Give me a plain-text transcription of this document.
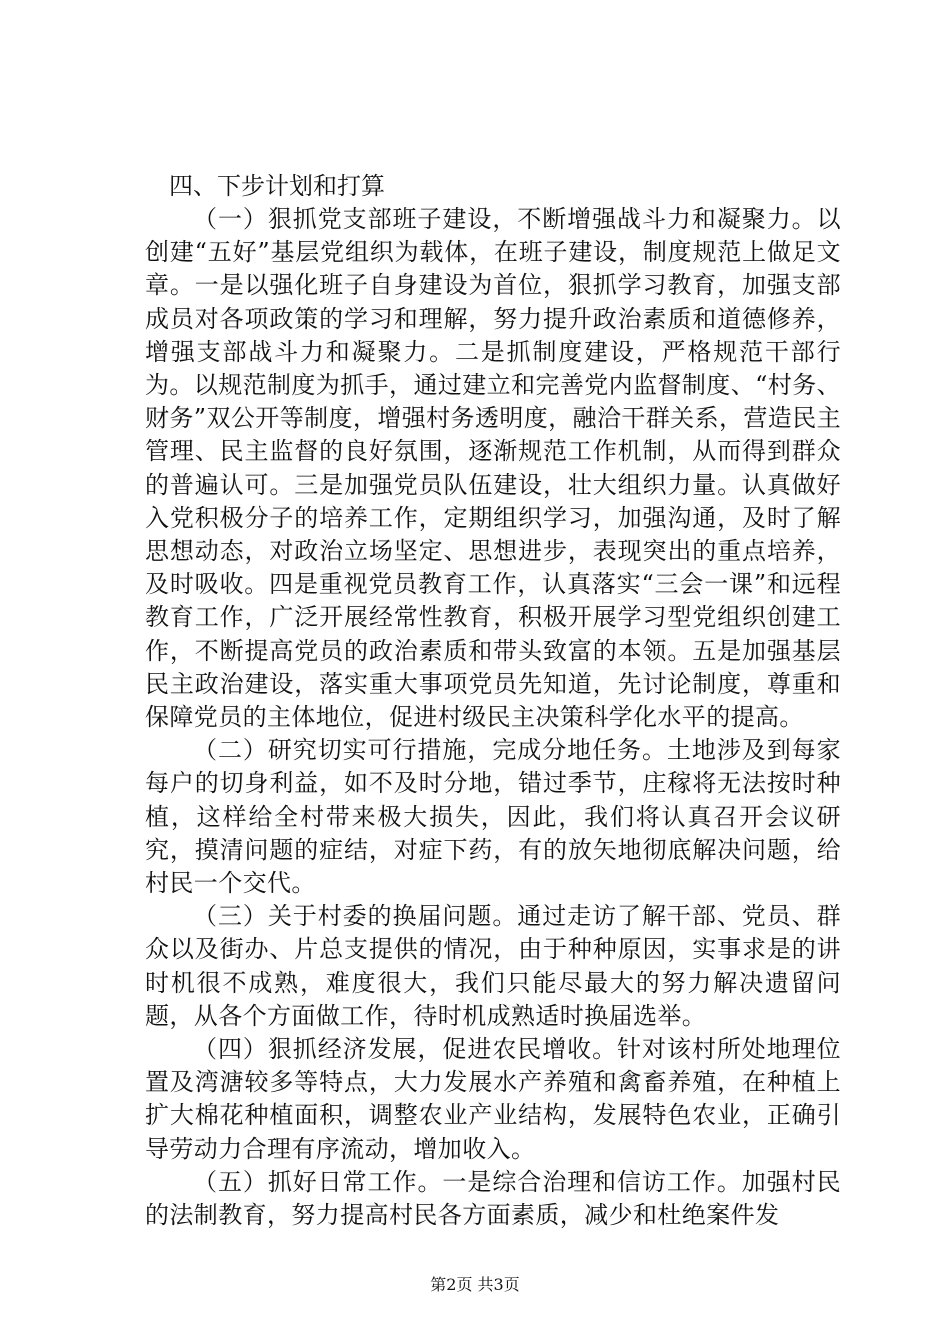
四、下步计划和打算

（一）狠抓党支部班子建设，不断增强战斗力和凝聚力。以创建“五好”基层党组织为载体，在班子建设，制度规范上做足文章。一是以强化班子自身建设为首位，狠抓学习教育，加强支部成员对各项政策的学习和理解，努力提升政治素质和道德修养，增强支部战斗力和凝聚力。二是抓制度建设，严格规范干部行为。以规范制度为抓手，通过建立和完善党内监督制度、“村务、财务”双公开等制度，增强村务透明度，融洽干群关系，营造民主管理、民主监督的良好氛围，逐渐规范工作机制，从而得到群众的普遍认可。三是加强党员队伍建设，壮大组织力量。认真做好入党积极分子的培养工作，定期组织学习，加强沟通，及时了解思想动态，对政治立场坚定、思想进步，表现突出的重点培养，及时吸收。四是重视党员教育工作，认真落实“三会一课”和远程教育工作，广泛开展经常性教育，积极开展学习型党组织创建工作，不断提高党员的政治素质和带头致富的本领。五是加强基层民主政治建设，落实重大事项党员先知道，先讨论制度，尊重和保障党员的主体地位，促进村级民主决策科学化水平的提高。

（二）研究切实可行措施，完成分地任务。土地涉及到每家每户的切身利益，如不及时分地，错过季节，庄稼将无法按时种植，这样给全村带来极大损失，因此，我们将认真召开会议研究，摸清问题的症结，对症下药，有的放矢地彻底解决问题，给村民一个交代。

（三）关于村委的换届问题。通过走访了解干部、党员、群众以及街办、片总支提供的情况，由于种种原因，实事求是的讲时机很不成熟，难度很大，我们只能尽最大的努力解决遗留问题，从各个方面做工作，待时机成熟适时换届选举。

（四）狠抓经济发展，促进农民增收。针对该村所处地理位置及湾溏较多等特点，大力发展水产养殖和禽畜养殖，在种植上扩大棉花种植面积，调整农业产业结构，发展特色农业，正确引导劳动力合理有序流动，增加收入。

（五）抓好日常工作。一是综合治理和信访工作。加强村民的法制教育，努力提高村民各方面素质，减少和杜绝案件发

第2页 共3页
